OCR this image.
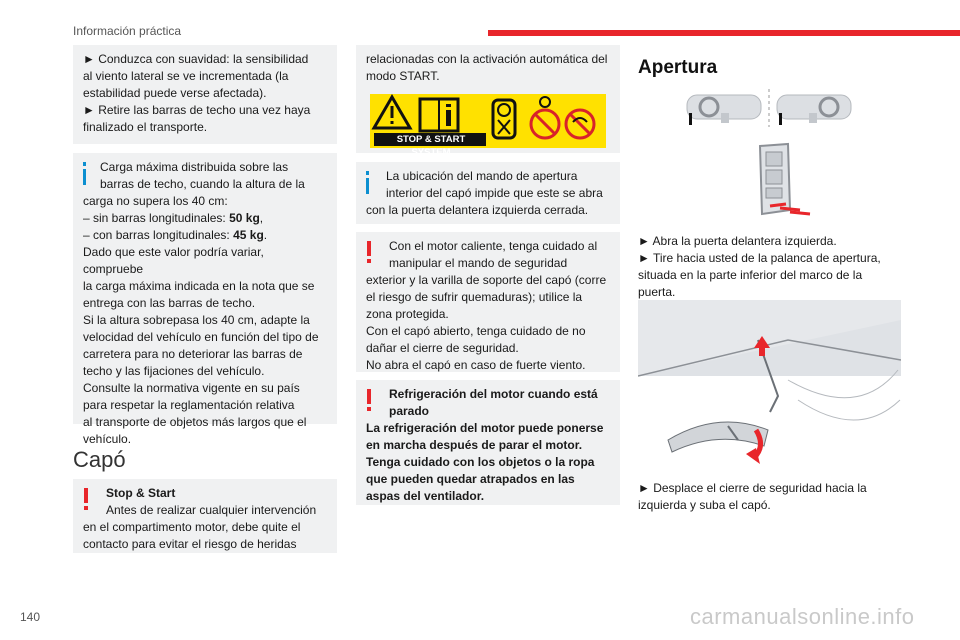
Información práctica
► Conduzca con suavidad: la sensibilidad
al viento lateral se ve incrementada (la
estabilidad puede verse afectada).
► Retire las barras de techo una vez haya
finalizado el transporte.
Carga máxima distribuida sobre las
barras de techo, cuando la altura de la
carga no supera los 40 cm:
– sin barras longitudinales: 50 kg,
– con barras longitudinales: 45 kg.
Dado que este valor podría variar, compruebe
la carga máxima indicada en la nota que se
entrega con las barras de techo.
Si la altura sobrepasa los 40 cm, adapte la
velocidad del vehículo en función del tipo de
carretera para no deteriorar las barras de
techo y las fijaciones del vehículo.
Consulte la normativa vigente en su país
para respetar la reglamentación relativa
al transporte de objetos más largos que el
vehículo.
Capó
Stop & Start
Antes de realizar cualquier intervención
en el compartimento motor, debe quite el
contacto para evitar el riesgo de heridas
relacionadas con la activación automática del
modo START.
STOP & START SYSTEM
La ubicación del mando de apertura
interior del capó impide que este se abra
con la puerta delantera izquierda cerrada.
Con el motor caliente, tenga cuidado al
manipular el mando de seguridad
exterior y la varilla de soporte del capó (corre
el riesgo de sufrir quemaduras); utilice la
zona protegida.
Con el capó abierto, tenga cuidado de no
dañar el cierre de seguridad.
No abra el capó en caso de fuerte viento.
Refrigeración del motor cuando está
parado
La refrigeración del motor puede ponerse
en marcha después de parar el motor.
Tenga cuidado con los objetos o la ropa
que pueden quedar atrapados en las
aspas del ventilador.
Apertura
► Abra la puerta delantera izquierda.
► Tire hacia usted de la palanca de apertura,
situada en la parte inferior del marco de la
puerta.
► Desplace el cierre de seguridad hacia la
izquierda y suba el capó.
140	carmanualsonline.info
